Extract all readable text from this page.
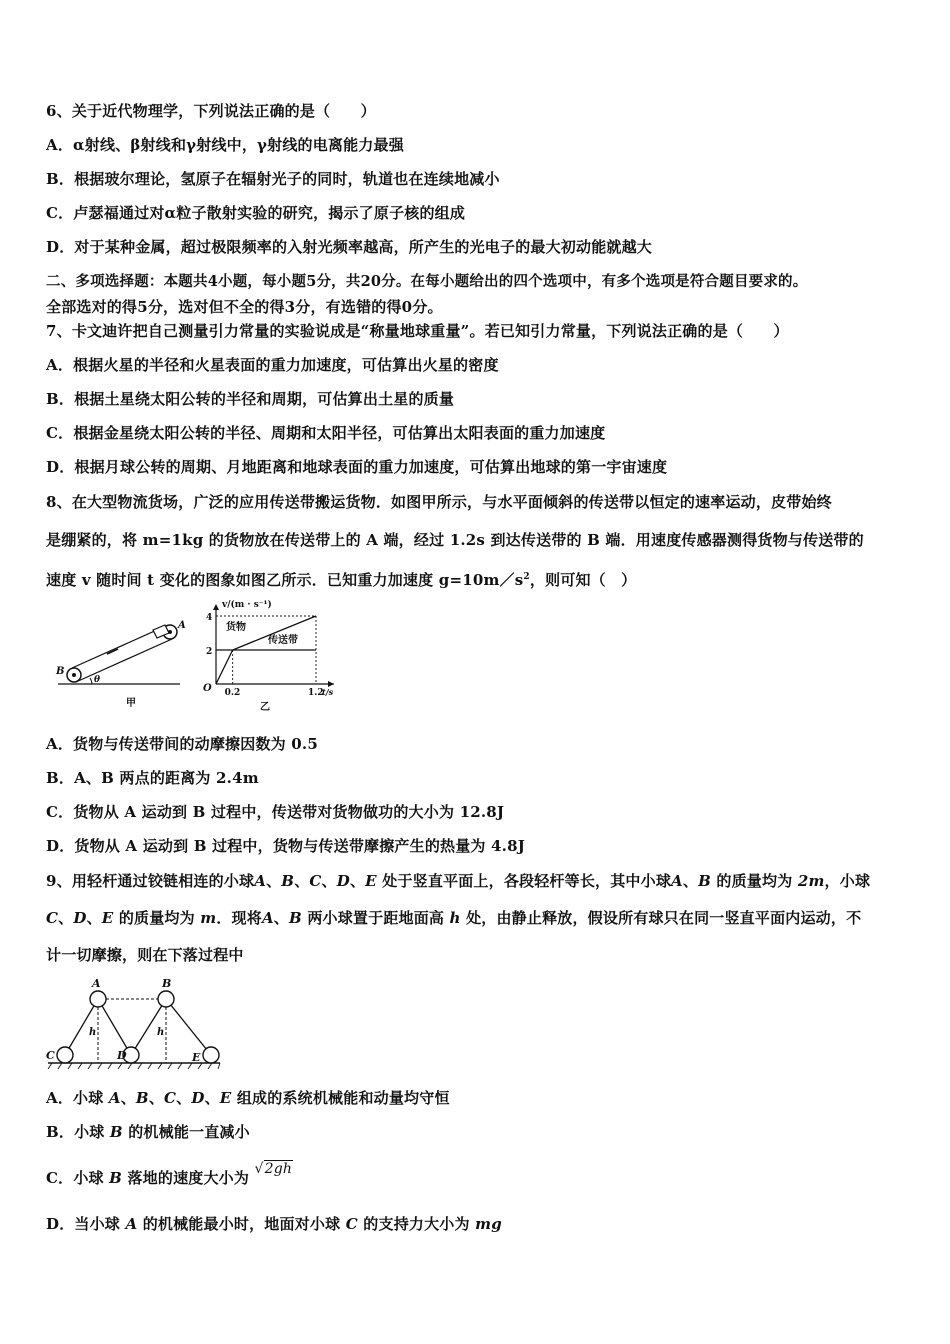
6、关于近代物理学，下列说法正确的是（　　）
A．α射线、β射线和γ射线中，γ射线的电离能力最强
B．根据玻尔理论，氢原子在辐射光子的同时，轨道也在连续地减小
C．卢瑟福通过对α粒子散射实验的研究，揭示了原子核的组成
D．对于某种金属，超过极限频率的入射光频率越高，所产生的光电子的最大初动能就越大
二、多项选择题：本题共4小题，每小题5分，共20分。在每小题给出的四个选项中，有多个选项是符合题目要求的。
全部选对的得5分，选对但不全的得3分，有选错的得0分。
7、卡文迪许把自己测量引力常量的实验说成是“称量地球重量”。若已知引力常量，下列说法正确的是（　　）
A．根据火星的半径和火星表面的重力加速度，可估算出火星的密度
B．根据土星绕太阳公转的半径和周期，可估算出土星的质量
C．根据金星绕太阳公转的半径、周期和太阳半径，可估算出太阳表面的重力加速度
D．根据月球公转的周期、月地距离和地球表面的重力加速度，可估算出地球的第一宇宙速度
8、在大型物流货场，广泛的应用传送带搬运货物．如图甲所示，与水平面倾斜的传送带以恒定的速率运动，皮带始终
是绷紧的，将 m=1kg 的货物放在传送带上的 A 端，经过 1.2s 到达传送带的 B 端．用速度传感器测得货物与传送带的
速度 v 随时间 t 变化的图象如图乙所示．已知重力加速度 $g=10m/s^2$，则可知（　）
B
A
θ
甲
v/(m · s⁻¹)
O	t/s
乙
4
2
0.2	1.2
货物
传送带
A．货物与传送带间的动摩擦因数为 0.5
B．A、B 两点的距离为 2.4m
C．货物从 A 运动到 B 过程中，传送带对货物做功的大小为 12.8J
D．货物从 A 运动到 B 过程中，货物与传送带摩擦产生的热量为 4.8J
9、用轻杆通过铰链相连的小球A、B、C、D、E 处于竖直平面上，各段轻杆等长，其中小球A、B 的质量均为 2m，小球
C、D、E 的质量均为 m．现将A、B 两小球置于距地面高 h 处，由静止释放，假设所有球只在同一竖直平面内运动，不
计一切摩擦，则在下落过程中
A	B
C	D	E
h	h
A．小球 A、B、C、D、E 组成的系统机械能和动量均守恒
B．小球 B 的机械能一直减小
C．小球 B 落地的速度大小为 √2gh
D．当小球 A 的机械能最小时，地面对小球 C 的支持力大小为 mg
